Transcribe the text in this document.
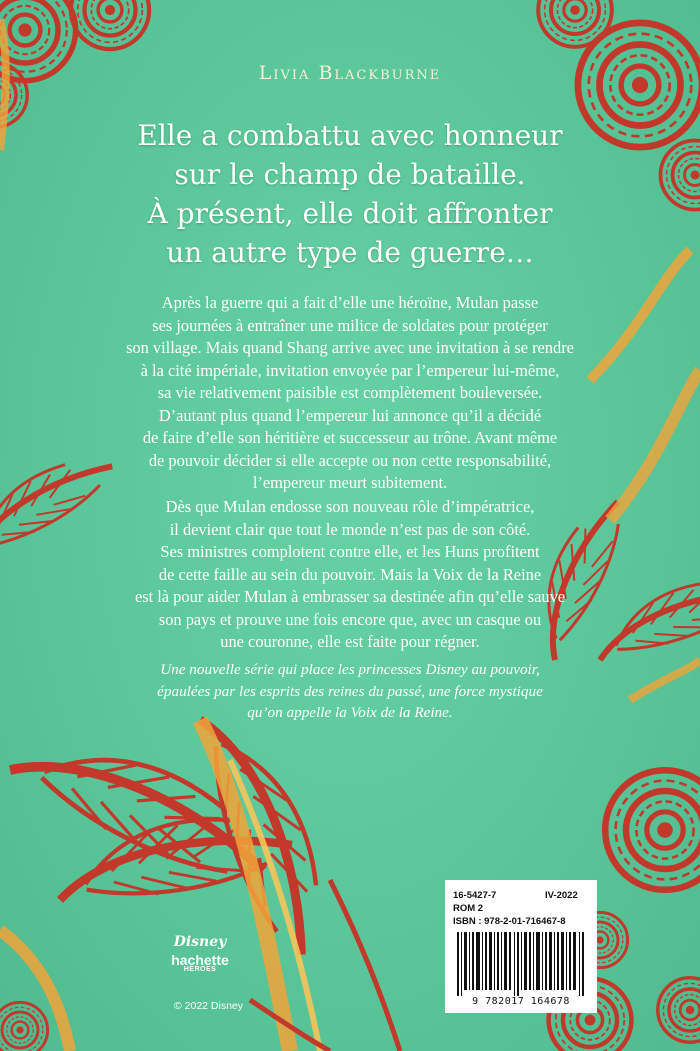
Livia Blackburne
Elle a combattu avec honneur
sur le champ de bataille.
À présent, elle doit affronter
un autre type de guerre…
Après la guerre qui a fait d’elle une héroïne, Mulan passe
ses journées à entraîner une milice de soldates pour protéger
son village. Mais quand Shang arrive avec une invitation à se rendre
à la cité impériale, invitation envoyée par l’empereur lui-même,
sa vie relativement paisible est complètement bouleversée.
D’autant plus quand l’empereur lui annonce qu’il a décidé
de faire d’elle son héritière et successeur au trône. Avant même
de pouvoir décider si elle accepte ou non cette responsabilité,
l’empereur meurt subitement.
Dès que Mulan endosse son nouveau rôle d’impératrice,
il devient clair que tout le monde n’est pas de son côté.
Ses ministres complotent contre elle, et les Huns profitent
de cette faille au sein du pouvoir. Mais la Voix de la Reine
est là pour aider Mulan à embrasser sa destinée afin qu’elle sauve
son pays et prouve une fois encore que, avec un casque ou
une couronne, elle est faite pour régner.
Une nouvelle série qui place les princesses Disney au pouvoir,
épaulées par les esprits des reines du passé, une force mystique
qu’on appelle la Voix de la Reine.
Disney
hachette
HEROES
© 2022 Disney
16-5427-7	IV-2022
ROM 2
ISBN : 978-2-01-716467-8
9 782017 164678
